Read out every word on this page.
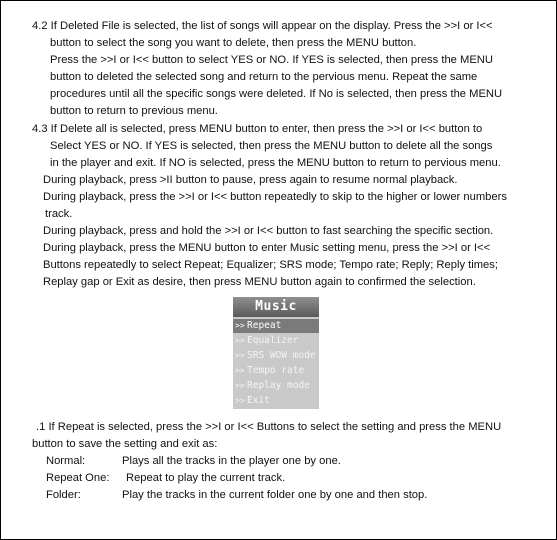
4.2 If Deleted File is selected, the list of songs will appear on the display. Press the >>I or I<<
button to select the song you want to delete, then press the MENU button.
Press the >>I or I<< button to select YES or NO. If YES is selected, then press the MENU
button to deleted the selected song and return to the pervious menu. Repeat the same
procedures until all the specific songs were deleted. If No is selected, then press the MENU
button to return to previous menu.
4.3 If Delete all is selected, press MENU button to enter, then press the >>I or I<< button to
Select YES or NO. If YES is selected, then press the MENU button to delete all the songs
in the player and exit. If NO is selected, press the MENU button to return to pervious menu.
During playback, press >II button to pause, press again to resume normal playback.
During playback, press the >>I or I<< button repeatedly to skip to the higher or lower numbers
track.
During playback, press and hold the >>I or I<< button to fast searching the specific section.
During playback, press the MENU button to enter Music setting menu, press the >>I or I<<
Buttons repeatedly to select Repeat; Equalizer; SRS mode; Tempo rate; Reply; Reply times;
Replay gap or Exit as desire, then press MENU button again to confirmed the selection.
Music
>> Repeat
>> Equalizer
>> SRS WOW mode
>> Tempo rate
>> Replay mode
>> Exit
.1 If Repeat is selected, press the >>I or I<< Buttons to select the setting and press the MENU
button to save the setting and exit as:
Normal:	Plays all the tracks in the player one by one.
Repeat One: Repeat to play the current track.
Folder:	Play the tracks in the current folder one by one and then stop.
